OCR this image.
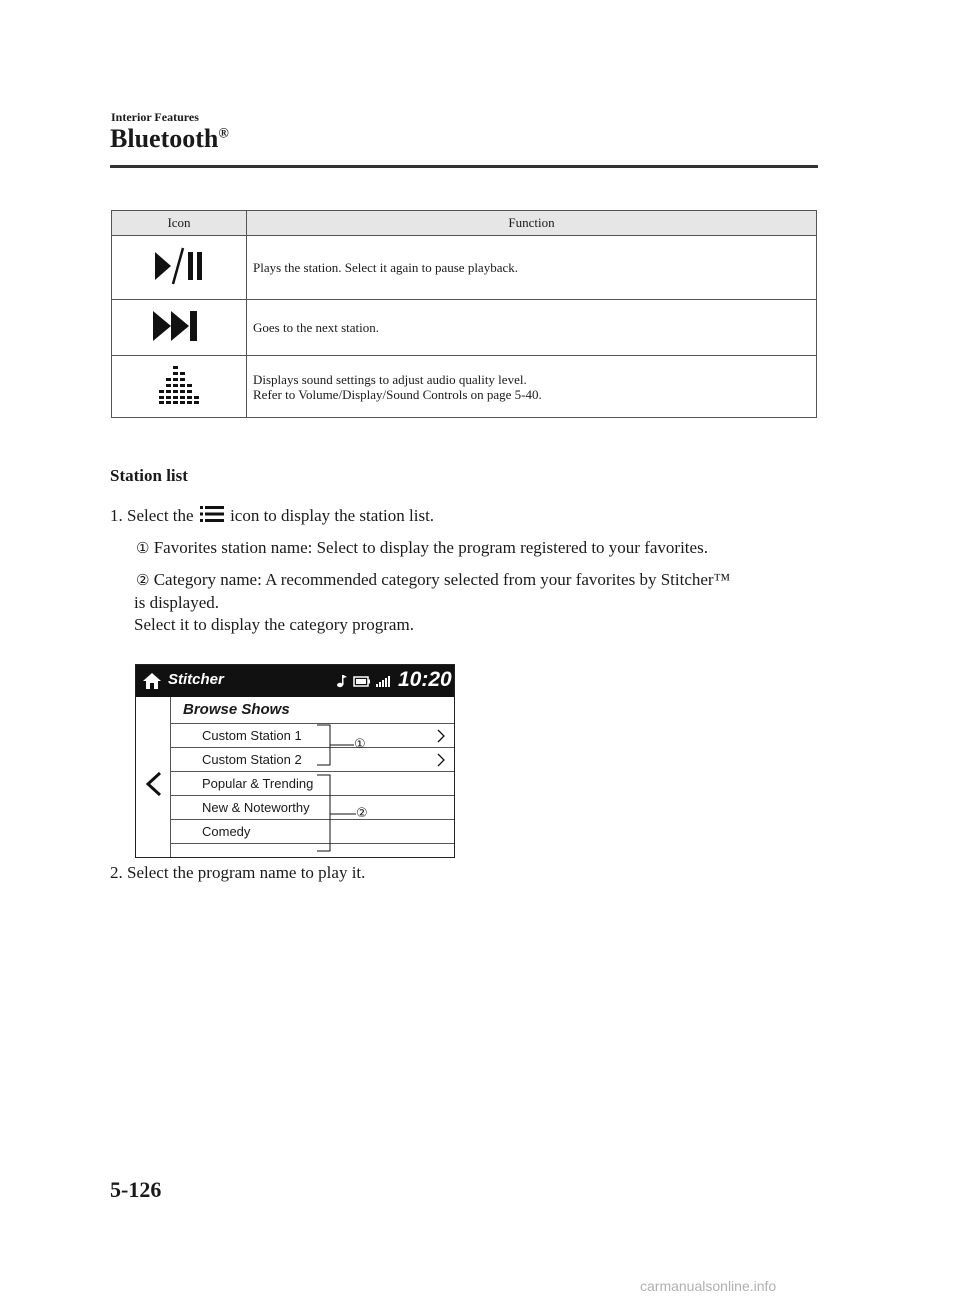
Interior Features
Bluetooth®
Icon	Function

Plays the station. Select it again to pause playback.

Goes to the next station.

Displays sound settings to adjust audio quality level.
Refer to Volume/Display/Sound Controls on page 5-40.
Station list
1. Select the  icon to display the station list.
① Favorites station name: Select to display the program registered to your favorites.
② Category name: A recommended category selected from your favorites by Stitcher™
is displayed.
Select it to display the category program.
Stitcher	10:20
Browse Shows
Custom Station 1
Custom Station 2
Popular & Trending
New & Noteworthy
Comedy
①
②
2. Select the program name to play it.
5-126
carmanualsonline.info
